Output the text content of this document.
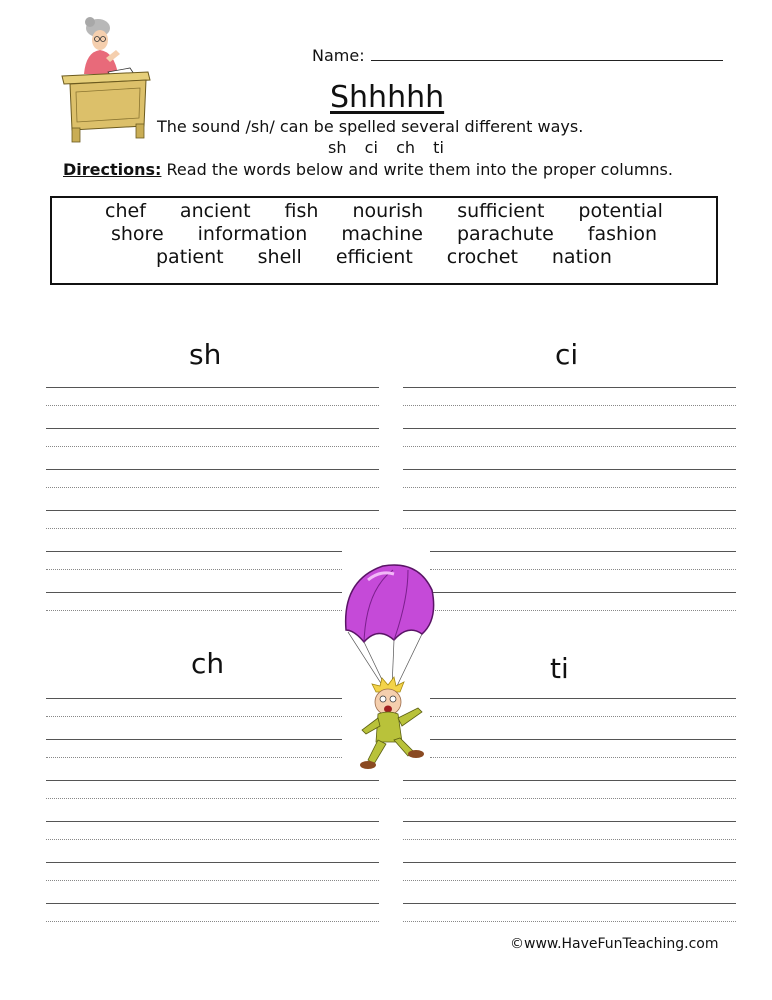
Name:
Shhhhh
The sound /sh/ can be spelled several different ways.
sh  ci  ch  ti
Directions: Read the words below and write them into the proper columns.
chef ancient fish nourish sufficient potential
shore information machine parachute fashion
patient shell efficient crochet nation
sh	ci
ch	ti
©www.HaveFunTeaching.com
